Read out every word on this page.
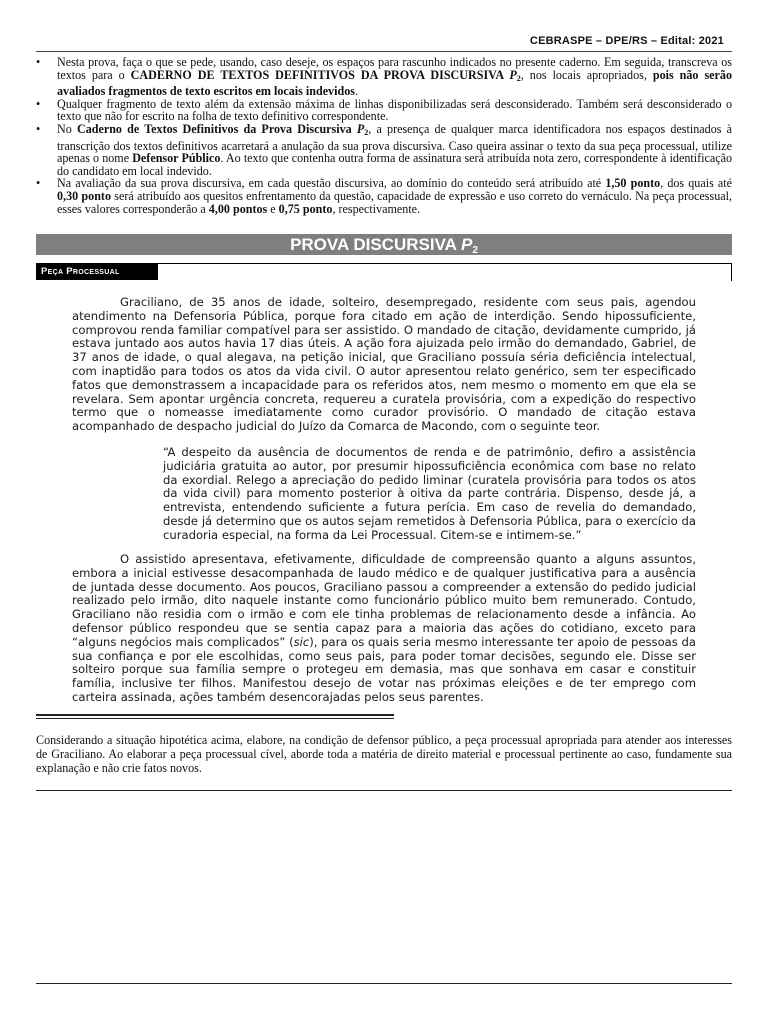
CEBRASPE – DPE/RS – Edital: 2021
• Nesta prova, faça o que se pede, usando, caso deseje, os espaços para rascunho indicados no presente caderno. Em seguida, transcreva os textos para o CADERNO DE TEXTOS DEFINITIVOS DA PROVA DISCURSIVA $P_2$, nos locais apropriados, pois não serão avaliados fragmentos de texto escritos em locais indevidos.
• Qualquer fragmento de texto além da extensão máxima de linhas disponibilizadas será desconsiderado. Também será desconsiderado o texto que não for escrito na folha de texto definitivo correspondente.
• No Caderno de Textos Definitivos da Prova Discursiva $P_2$, a presença de qualquer marca identificadora nos espaços destinados à transcrição dos textos definitivos acarretará a anulação da sua prova discursiva. Caso queira assinar o texto da sua peça processual, utilize apenas o nome Defensor Público. Ao texto que contenha outra forma de assinatura será atribuída nota zero, correspondente à identificação do candidato em local indevido.
• Na avaliação da sua prova discursiva, em cada questão discursiva, ao domínio do conteúdo será atribuído até 1,50 ponto, dos quais até 0,30 ponto será atribuído aos quesitos enfrentamento da questão, capacidade de expressão e uso correto do vernáculo. Na peça processual, esses valores corresponderão a 4,00 pontos e 0,75 ponto, respectivamente.
PROVA DISCURSIVA $P_2$
Peça Processual

Graciliano, de 35 anos de idade, solteiro, desempregado, residente com seus pais, agendou atendimento na Defensoria Pública, porque fora citado em ação de interdição. Sendo hipossuficiente, comprovou renda familiar compatível para ser assistido. O mandado de citação, devidamente cumprido, já estava juntado aos autos havia 17 dias úteis. A ação fora ajuizada pelo irmão do demandado, Gabriel, de 37 anos de idade, o qual alegava, na petição inicial, que Graciliano possuía séria deficiência intelectual, com inaptidão para todos os atos da vida civil. O autor apresentou relato genérico, sem ter especificado fatos que demonstrassem a incapacidade para os referidos atos, nem mesmo o momento em que ela se revelara. Sem apontar urgência concreta, requereu a curatela provisória, com a expedição do respectivo termo que o nomeasse imediatamente como curador provisório. O mandado de citação estava acompanhado de despacho judicial do Juízo da Comarca de Macondo, com o seguinte teor.

“A despeito da ausência de documentos de renda e de patrimônio, defiro a assistência judiciária gratuita ao autor, por presumir hipossuficiência econômica com base no relato da exordial. Relego a apreciação do pedido liminar (curatela provisória para todos os atos da vida civil) para momento posterior à oitiva da parte contrária. Dispenso, desde já, a entrevista, entendendo suficiente a futura perícia. Em caso de revelia do demandado, desde já determino que os autos sejam remetidos à Defensoria Pública, para o exercício da curadoria especial, na forma da Lei Processual. Citem-se e intimem-se.”

O assistido apresentava, efetivamente, dificuldade de compreensão quanto a alguns assuntos, embora a inicial estivesse desacompanhada de laudo médico e de qualquer justificativa para a ausência de juntada desse documento. Aos poucos, Graciliano passou a compreender a extensão do pedido judicial realizado pelo irmão, dito naquele instante como funcionário público muito bem remunerado. Contudo, Graciliano não residia com o irmão e com ele tinha problemas de relacionamento desde a infância. Ao defensor público respondeu que se sentia capaz para a maioria das ações do cotidiano, exceto para “alguns negócios mais complicados” (sic), para os quais seria mesmo interessante ter apoio de pessoas da sua confiança e por ele escolhidas, como seus pais, para poder tomar decisões, segundo ele. Disse ser solteiro porque sua família sempre o protegeu em demasia, mas que sonhava em casar e constituir família, inclusive ter filhos. Manifestou desejo de votar nas próximas eleições e de ter emprego com carteira assinada, ações também desencorajadas pelos seus parentes.

Considerando a situação hipotética acima, elabore, na condição de defensor público, a peça processual apropriada para atender aos interesses de Graciliano. Ao elaborar a peça processual cível, aborde toda a matéria de direito material e processual pertinente ao caso, fundamente sua explanação e não crie fatos novos.
